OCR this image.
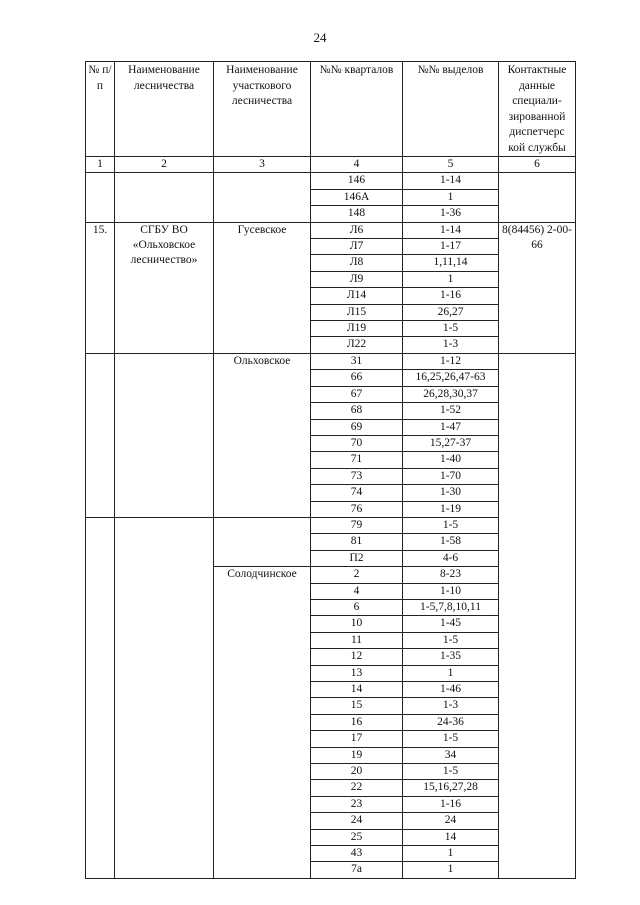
24
№ п/п	Наименование лесничества	Наименование участкового лесничества	№№ кварталов	№№ выделов	Контактные данные специали-зированной диспетчерс кой службы
1	2	3	4	5	6
			146	1-14	
			146А	1	
			148	1-36	
15.	СГБУ ВО «Ольховское лесничество»	Гусевское	Л6	1-14	8(84456) 2-00-66
			Л7	1-17	
			Л8	1,11,14	
			Л9	1	
			Л14	1-16	
			Л15	26,27	
			Л19	1-5	
			Л22	1-3	
		Ольховское	31	1-12	
			66	16,25,26,47-63	
			67	26,28,30,37	
			68	1-52	
			69	1-47	
			70	15,27-37	
			71	1-40	
			73	1-70	
			74	1-30	
			76	1-19	
			79	1-5	
			81	1-58	
			П2	4-6	
		Солодчинское	2	8-23	
			4	1-10	
			6	1-5,7,8,10,11	
			10	1-45	
			11	1-5	
			12	1-35	
			13	1	
			14	1-46	
			15	1-3	
			16	24-36	
			17	1-5	
			19	34	
			20	1-5	
			22	15,16,27,28	
			23	1-16	
			24	24	
			25	14	
			43	1	
			7а	1	
